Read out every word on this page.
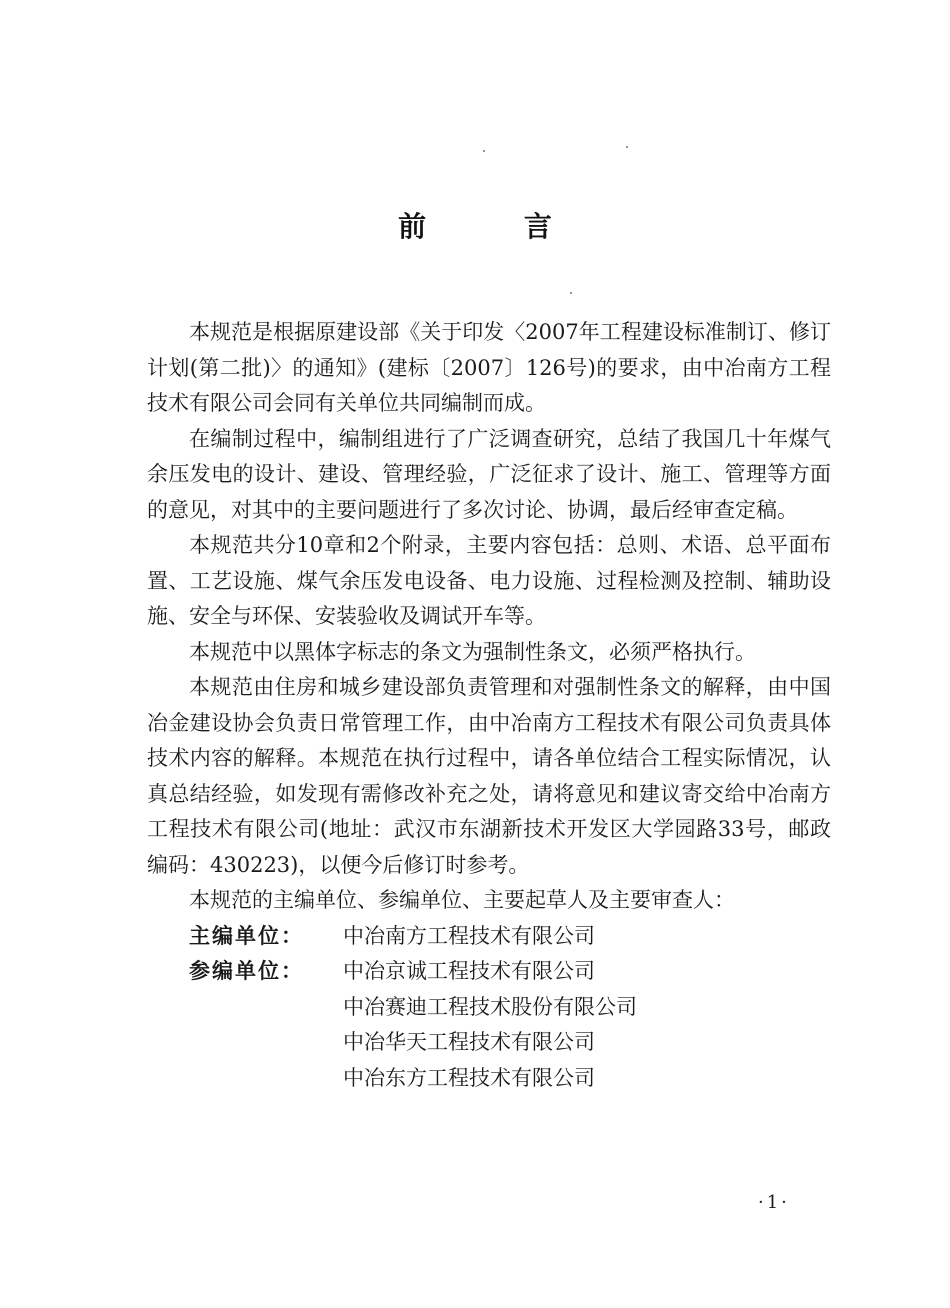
前 言

本规范是根据原建设部《关于印发〈2007年工程建设标准制订、修订计划(第二批)〉的通知》(建标〔2007〕126号)的要求，由中冶南方工程技术有限公司会同有关单位共同编制而成。

在编制过程中，编制组进行了广泛调查研究，总结了我国几十年煤气余压发电的设计、建设、管理经验，广泛征求了设计、施工、管理等方面的意见，对其中的主要问题进行了多次讨论、协调，最后经审查定稿。

本规范共分10章和2个附录，主要内容包括：总则、术语、总平面布置、工艺设施、煤气余压发电设备、电力设施、过程检测及控制、辅助设施、安全与环保、安装验收及调试开车等。

本规范中以黑体字标志的条文为强制性条文，必须严格执行。

本规范由住房和城乡建设部负责管理和对强制性条文的解释，由中国冶金建设协会负责日常管理工作，由中冶南方工程技术有限公司负责具体技术内容的解释。本规范在执行过程中，请各单位结合工程实际情况，认真总结经验，如发现有需修改补充之处，请将意见和建议寄交给中冶南方工程技术有限公司(地址：武汉市东湖新技术开发区大学园路33号，邮政编码：430223)，以便今后修订时参考。

本规范的主编单位、参编单位、主要起草人及主要审查人：

主编单位：	中冶南方工程技术有限公司
参编单位：	中冶京诚工程技术有限公司
中冶赛迪工程技术股份有限公司
中冶华天工程技术有限公司
中冶东方工程技术有限公司
·1·
